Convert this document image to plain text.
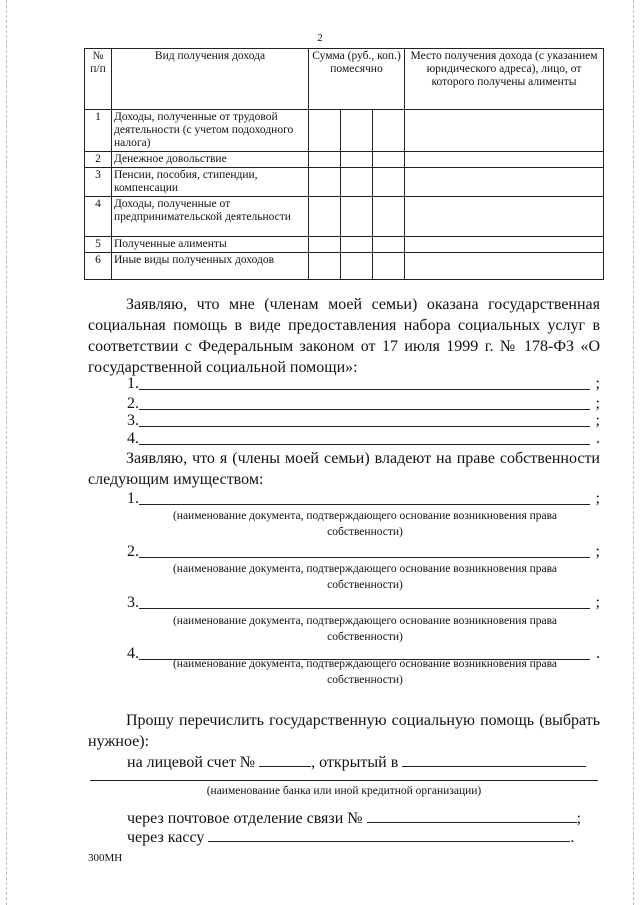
2
№ п/п	Вид получения дохода	Сумма (руб., коп.) помесячно			Место получения дохода (с указанием юридического адреса), лицо, от которого получены алименты
1	Доходы, полученные от трудовой деятельности (с учетом подоходного налога)				
2	Денежное довольствие				
3	Пенсии, пособия, стипендии, компенсации				
4	Доходы, полученные от предпринимательской деятельности				
5	Полученные алименты				
6	Иные виды полученных доходов				
Заявляю, что мне (членам моей семьи) оказана государственная социальная помощь в виде предоставления набора социальных услуг в соответствии с Федеральным законом от 17 июля 1999 г. № 178-ФЗ «О государственной социальной помощи»:
1.	;
2.	;
3.	;
4.	.
Заявляю, что я (члены моей семьи) владеют на праве собственности следующим имуществом:
1.	;
(наименование документа, подтверждающего основание возникновения права собственности)
2.	;
(наименование документа, подтверждающего основание возникновения права собственности)
3.	;
(наименование документа, подтверждающего основание возникновения права собственности)
4.	.
(наименование документа, подтверждающего основание возникновения права собственности)
Прошу перечислить государственную социальную помощь (выбрать нужное):
на лицевой счет №	, открытый в
(наименование банка или иной кредитной организации)
через почтовое отделение связи №	;
через кассу	.
300МН
